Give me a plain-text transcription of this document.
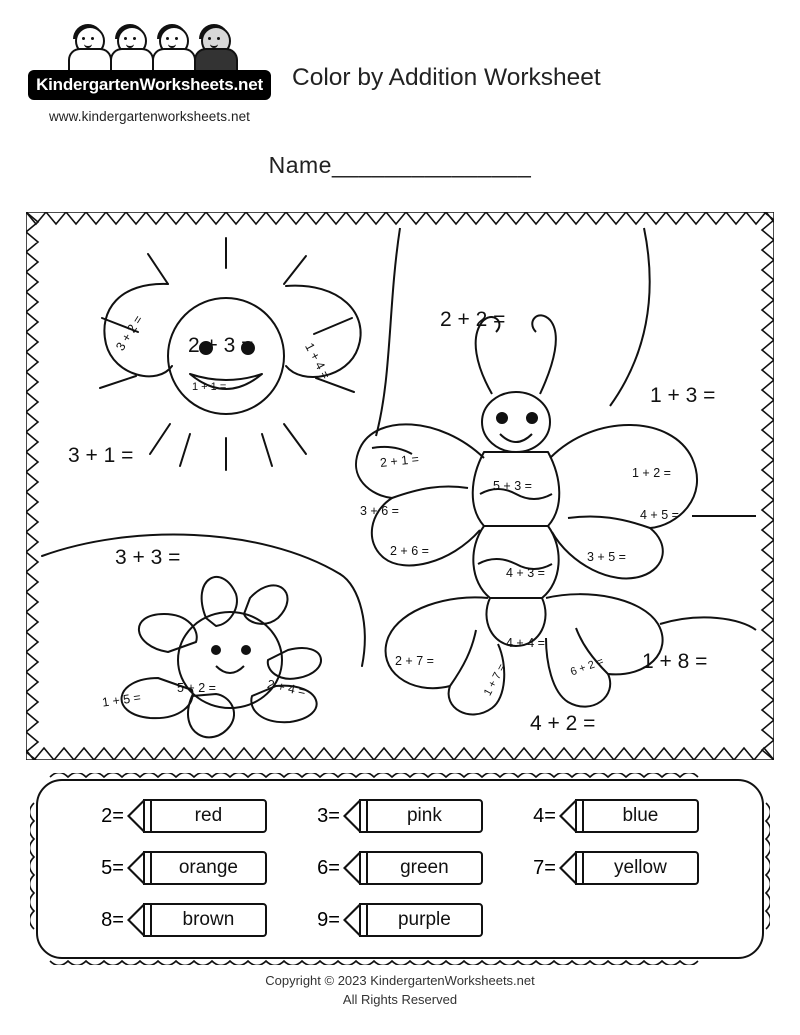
KindergartenWorksheets.net
www.kindergartenworksheets.net
Color by Addition Worksheet
Name_______________
2 + 3 =
3 + 2 =
1 + 4 =
1 + 1 =
3 + 1 =
3 + 3 =
1 + 5 =
5 + 2 =	2 + 4 =
2 + 2 =
1 + 3 =
2 + 1 =
3 + 6 =
2 + 6 =
5 + 3 =
4 + 3 =
4 + 4 =
1 + 2 =
4 + 5 =
3 + 5 =
2 + 7 =
1 + 7 =	6 + 2 = 1 + 8 =
4 + 2 =
2=	red	3=	pink	4=	blue
5=	orange	6=	green	7=	yellow
8=	brown	9=	purple
Copyright © 2023 KindergartenWorksheets.net
All Rights Reserved
